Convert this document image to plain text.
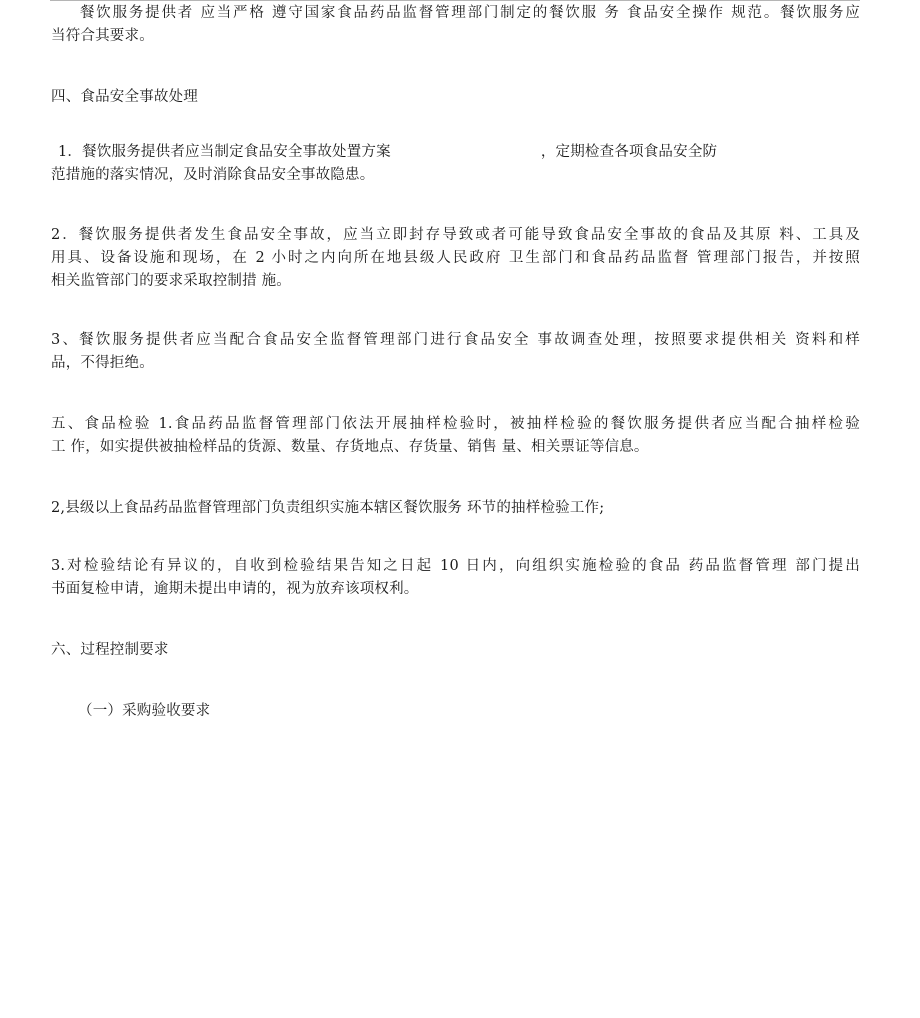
餐饮服务提供者 应当严格 遵守国家食品药品监督管理部门制定的餐饮服 务 食品安全操作 规范。餐饮服务应
当符合其要求。
四、食品安全事故处理
1．餐饮服务提供者应当制定食品安全事故处置方案	，定期检查各项食品安全防
范措施的落实情况，及时消除食品安全事故隐患。
2．餐饮服务提供者发生食品安全事故，应当立即封存导致或者可能导致食品安全事故的食品及其原 料、工具及
用具、设备设施和现场，在 2 小时之内向所在地县级人民政府 卫生部门和食品药品监督 管理部门报告，并按照
相关监管部门的要求采取控制措 施。
3、餐饮服务提供者应当配合食品安全监督管理部门进行食品安全 事故调查处理，按照要求提供相关 资料和样
品，不得拒绝。
五、食品检验 1.食品药品监督管理部门依法开展抽样检验时，被抽样检验的餐饮服务提供者应当配合抽样检验
工 作，如实提供被抽检样品的货源、数量、存货地点、存货量、销售 量、相关票证等信息。
2,县级以上食品药品监督管理部门负责组织实施本辖区餐饮服务 环节的抽样检验工作;
3.对检验结论有异议的，自收到检验结果告知之日起 10 日内，向组织实施检验的食品 药品监督管理 部门提出
书面复检申请，逾期未提出申请的，视为放弃该项权利。
六、过程控制要求
（一）采购验收要求
